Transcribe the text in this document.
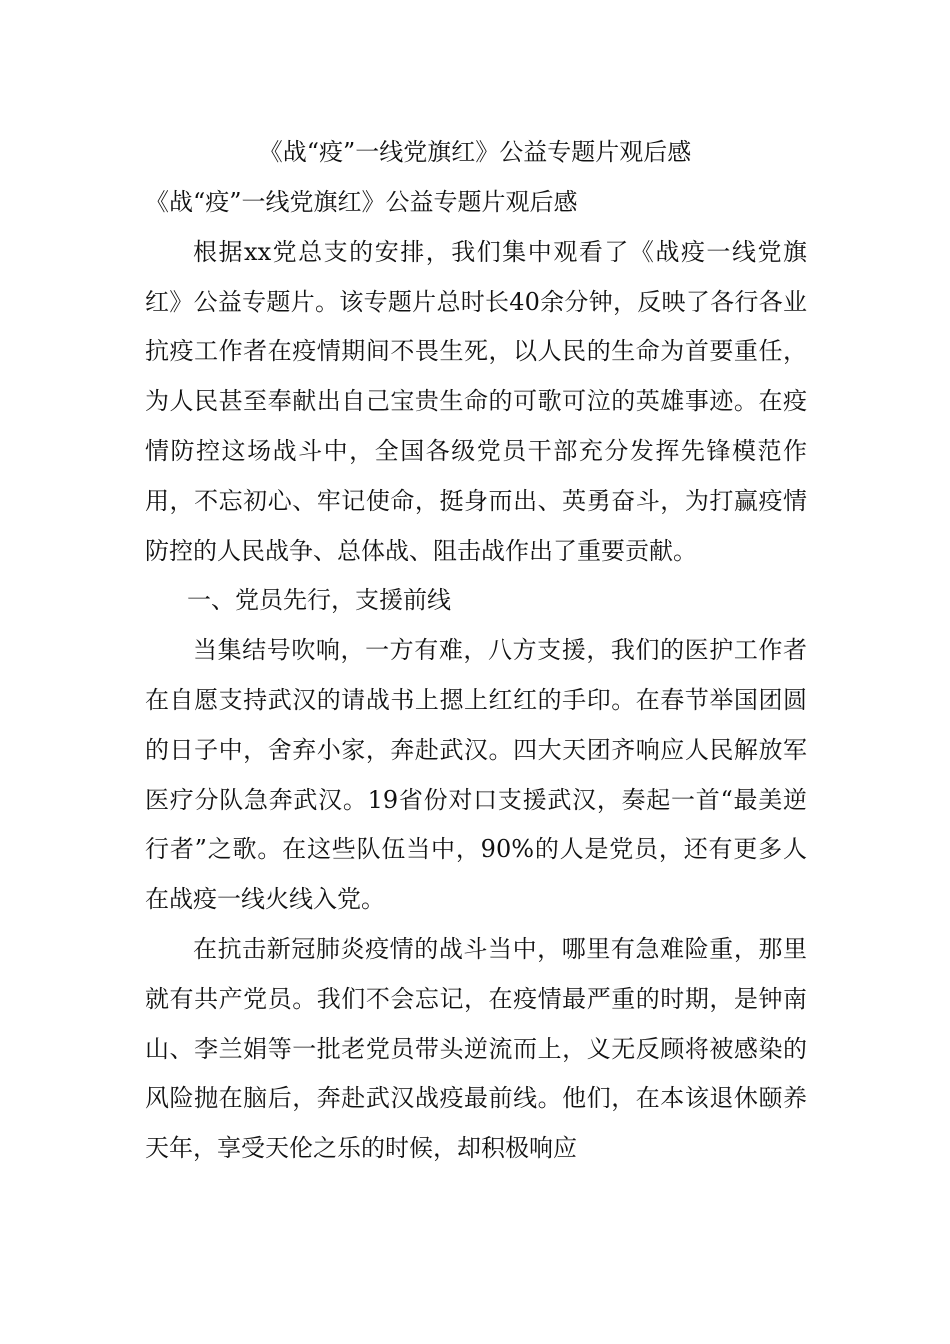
《战“疫”一线党旗红》公益专题片观后感

《战“疫”一线党旗红》公益专题片观后感

根据xx党总支的安排，我们集中观看了《战疫一线党旗红》公益专题片。该专题片总时长40余分钟，反映了各行各业抗疫工作者在疫情期间不畏生死，以人民的生命为首要重任，为人民甚至奉献出自己宝贵生命的可歌可泣的英雄事迹。在疫情防控这场战斗中，全国各级党员干部充分发挥先锋模范作用，不忘初心、牢记使命，挺身而出、英勇奋斗，为打赢疫情防控的人民战争、总体战、阻击战作出了重要贡献。

一、党员先行，支援前线

当集结号吹响，一方有难，八方支援，我们的医护工作者在自愿支持武汉的请战书上摁上红红的手印。在春节举国团圆的日子中，舍弃小家，奔赴武汉。四大天团齐响应人民解放军医疗分队急奔武汉。19省份对口支援武汉，奏起一首“最美逆行者”之歌。在这些队伍当中，90%的人是党员，还有更多人在战疫一线火线入党。

在抗击新冠肺炎疫情的战斗当中，哪里有急难险重，那里就有共产党员。我们不会忘记，在疫情最严重的时期，是钟南山、李兰娟等一批老党员带头逆流而上，义无反顾将被感染的风险抛在脑后，奔赴武汉战疫最前线。他们，在本该退休颐养天年，享受天伦之乐的时候，却积极响应
